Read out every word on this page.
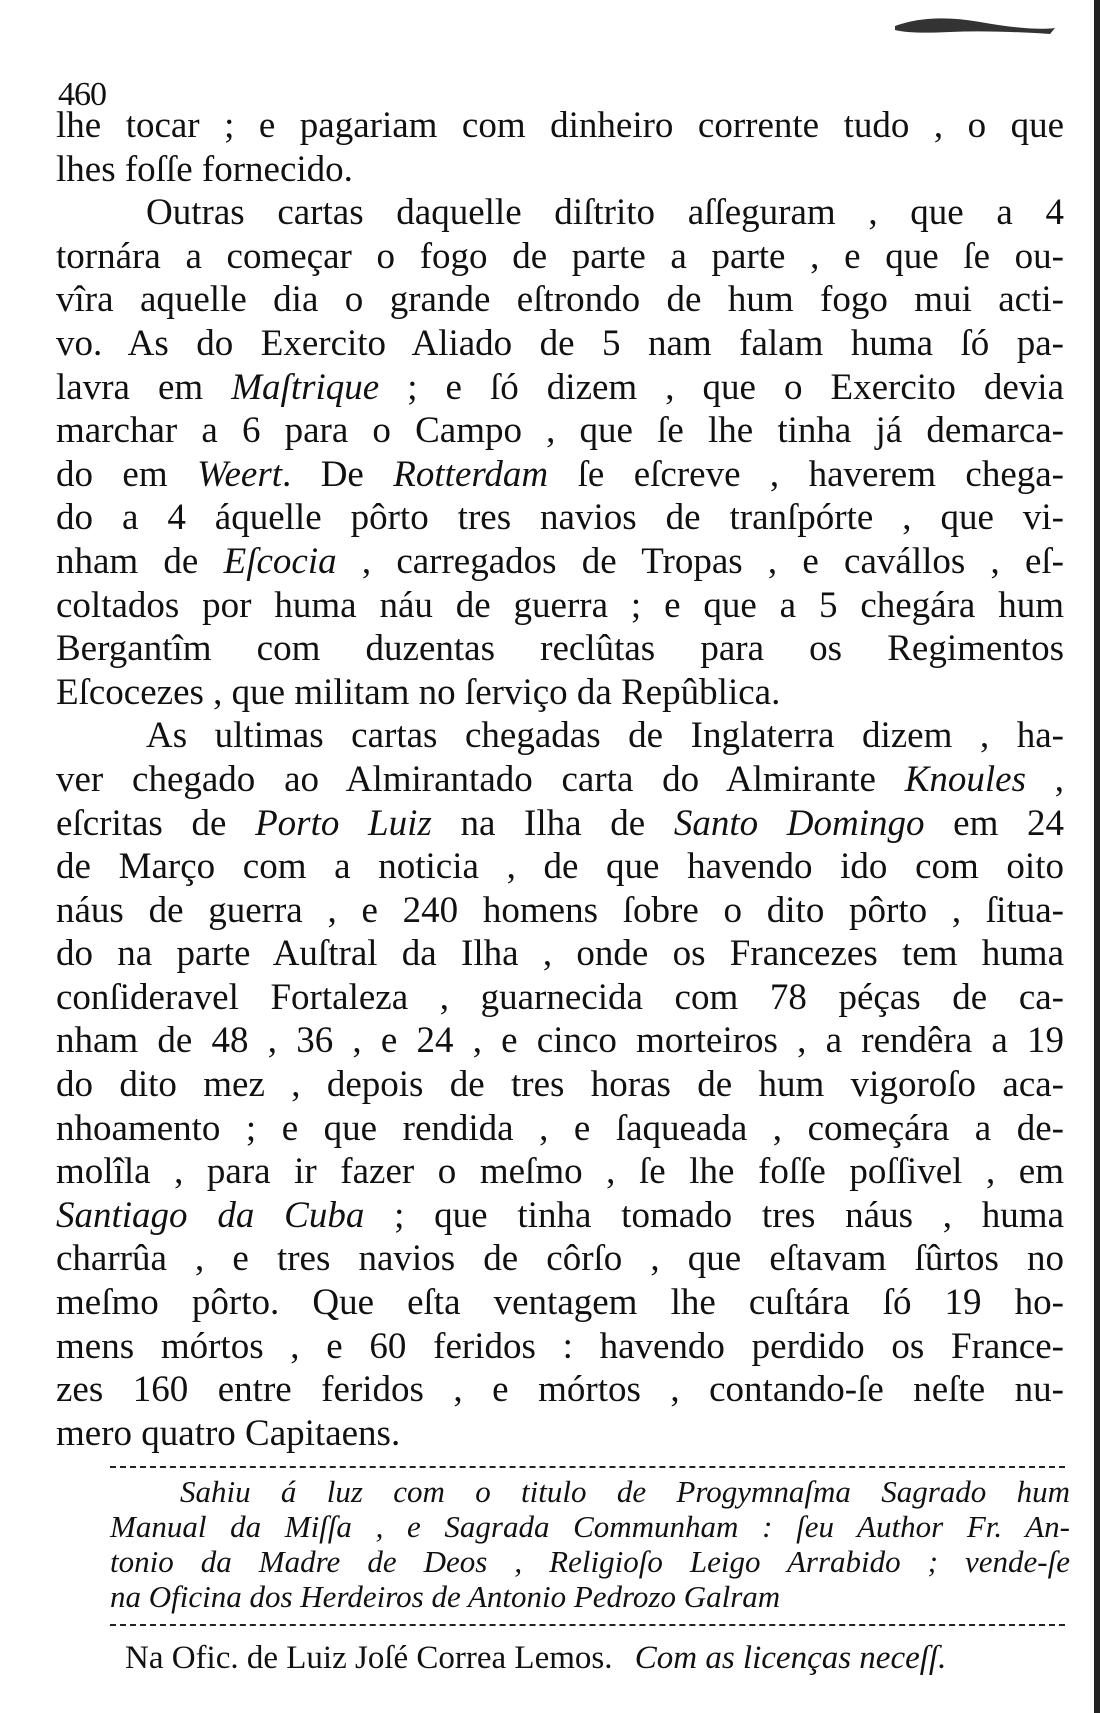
460
lhe tocar ; e pagariam com dinheiro corrente tudo , o que
lhes foſſe fornecido.
Outras cartas daquelle diſtrito aſſeguram , que a 4
tornára a começar o fogo de parte a parte , e que ſe ou-
vîra aquelle dia o grande eſtrondo de hum fogo mui acti-
vo. As do Exercito Aliado de 5 nam falam huma ſó pa-
lavra em Maſtrique ; e ſó dizem , que o Exercito devia
marchar a 6 para o Campo , que ſe lhe tinha já demarca-
do em Weert. De Rotterdam ſe eſcreve , haverem chega-
do a 4 áquelle pôrto tres navios de tranſpórte , que vi-
nham de Eſcocia , carregados de Tropas , e cavállos , eſ-
coltados por huma náu de guerra ; e que a 5 chegára hum
Bergantîm com duzentas reclûtas para os Regimentos
Eſcocezes , que militam no ſerviço da Repûblica.
As ultimas cartas chegadas de Inglaterra dizem , ha-
ver chegado ao Almirantado carta do Almirante Knoules ,
eſcritas de Porto Luiz na Ilha de Santo Domingo em 24
de Março com a noticia , de que havendo ido com oito
náus de guerra , e 240 homens ſobre o dito pôrto , ſitua-
do na parte Auſtral da Ilha , onde os Francezes tem huma
conſideravel Fortaleza , guarnecida com 78 péças de ca-
nham de 48 , 36 , e 24 , e cinco morteiros , a rendêra a 19
do dito mez , depois de tres horas de hum vigoroſo aca-
nhoamento ; e que rendida , e ſaqueada , começára a de-
molîla , para ir fazer o meſmo , ſe lhe foſſe poſſivel , em
Santiago da Cuba ; que tinha tomado tres náus , huma
charrûa , e tres navios de côrſo , que eſtavam ſûrtos no
meſmo pôrto. Que eſta ventagem lhe cuſtára ſó 19 ho-
mens mórtos , e 60 feridos : havendo perdido os France-
zes 160 entre feridos , e mórtos , contando-ſe neſte nu-
mero quatro Capitaens.
Sahiu á luz com o titulo de Progymnaſma Sagrado hum
Manual da Miſſa , e Sagrada Communham : ſeu Author Fr. An-
tonio da Madre de Deos , Religioſo Leigo Arrabido ; vende-ſe
na Oficina dos Herdeiros de Antonio Pedrozo Galram
Na Ofic. de Luiz Joſé Correa Lemos. Com as licenças neceſſ.
